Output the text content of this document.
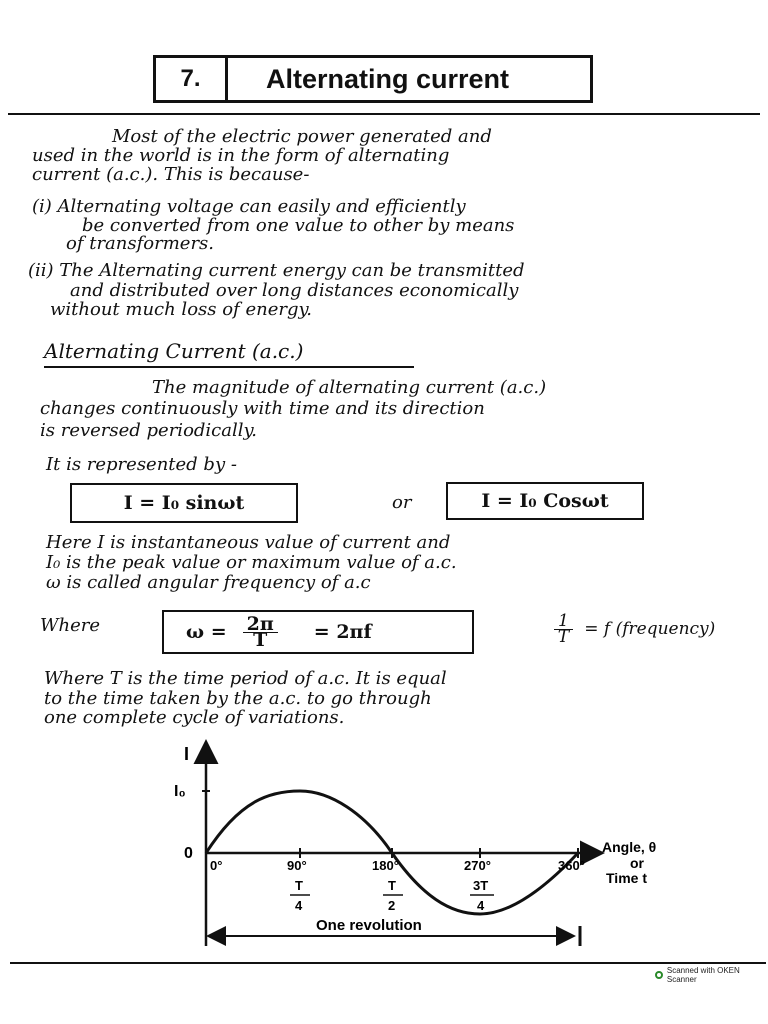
7.	Alternating current
Most of the electric power generated and
used in the world is in the form of alternating
current (a.c.). This is because-
(i) Alternating voltage can easily and efficiently
be converted from one value to other by means
of transformers.
(ii) The Alternating current energy can be transmitted
and distributed over long distances economically
without much loss of energy.
Alternating Current (a.c.)
The magnitude of alternating current (a.c.)
changes continuously with time and its direction
is reversed periodically.
It is represented by -
I = I₀ sinωt	or	I = I₀ Cosωt
Here I is instantaneous value of current and
I₀ is the peak value or maximum value of a.c.
ω is called angular frequency of a.c
Where	$\omega = \frac{2\pi}{T} = 2\pi f$	$\frac{1}{T} = f$ (frequency)
Where T is the time period of a.c. It is equal
to the time taken by the a.c. to go through
one complete cycle of variations.
I
I₀
0	Angle, θ
or
Time t
0°	90°	180°	270°	360°
T
4
T
2
3T
4
One revolution
Scanned with OKEN Scanner
